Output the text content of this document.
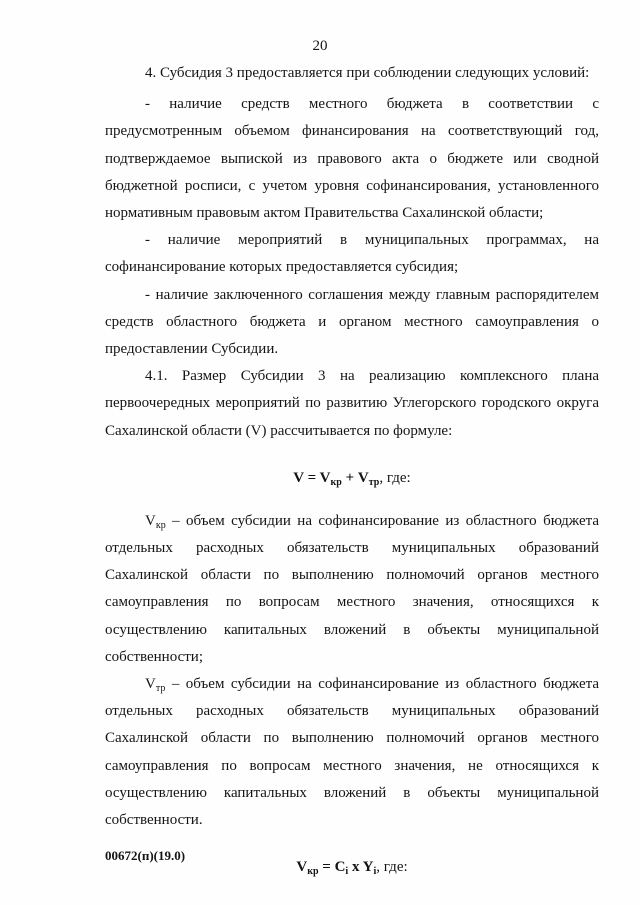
20

4. Субсидия 3 предоставляется при соблюдении следующих условий:

- наличие средств местного бюджета в соответствии с предусмотренным объемом финансирования на соответствующий год, подтверждаемое выпиской из правового акта о бюджете или сводной бюджетной росписи, с учетом уровня софинансирования, установленного нормативным правовым актом Правительства Сахалинской области;

- наличие мероприятий в муниципальных программах, на софинансирование которых предоставляется субсидия;

- наличие заключенного соглашения между главным распорядителем средств областного бюджета и органом местного самоуправления о предоставлении Субсидии.

4.1. Размер Субсидии 3 на реализацию комплексного плана первоочередных мероприятий по развитию Углегорского городского округа Сахалинской области (V) рассчитывается по формуле:

$V = V_{кр} + V_{тр}$, где:

$V_{кр}$ – объем субсидии на софинансирование из областного бюджета отдельных расходных обязательств муниципальных образований Сахалинской области по выполнению полномочий органов местного самоуправления по вопросам местного значения, относящихся к осуществлению капитальных вложений в объекты муниципальной собственности;

$V_{тр}$ – объем субсидии на софинансирование из областного бюджета отдельных расходных обязательств муниципальных образований Сахалинской области по выполнению полномочий органов местного самоуправления по вопросам местного значения, не относящихся к осуществлению капитальных вложений в объекты муниципальной собственности.

$V_{кр} = C_i$ x $Y_i$, где:

00672(п)(19.0)
